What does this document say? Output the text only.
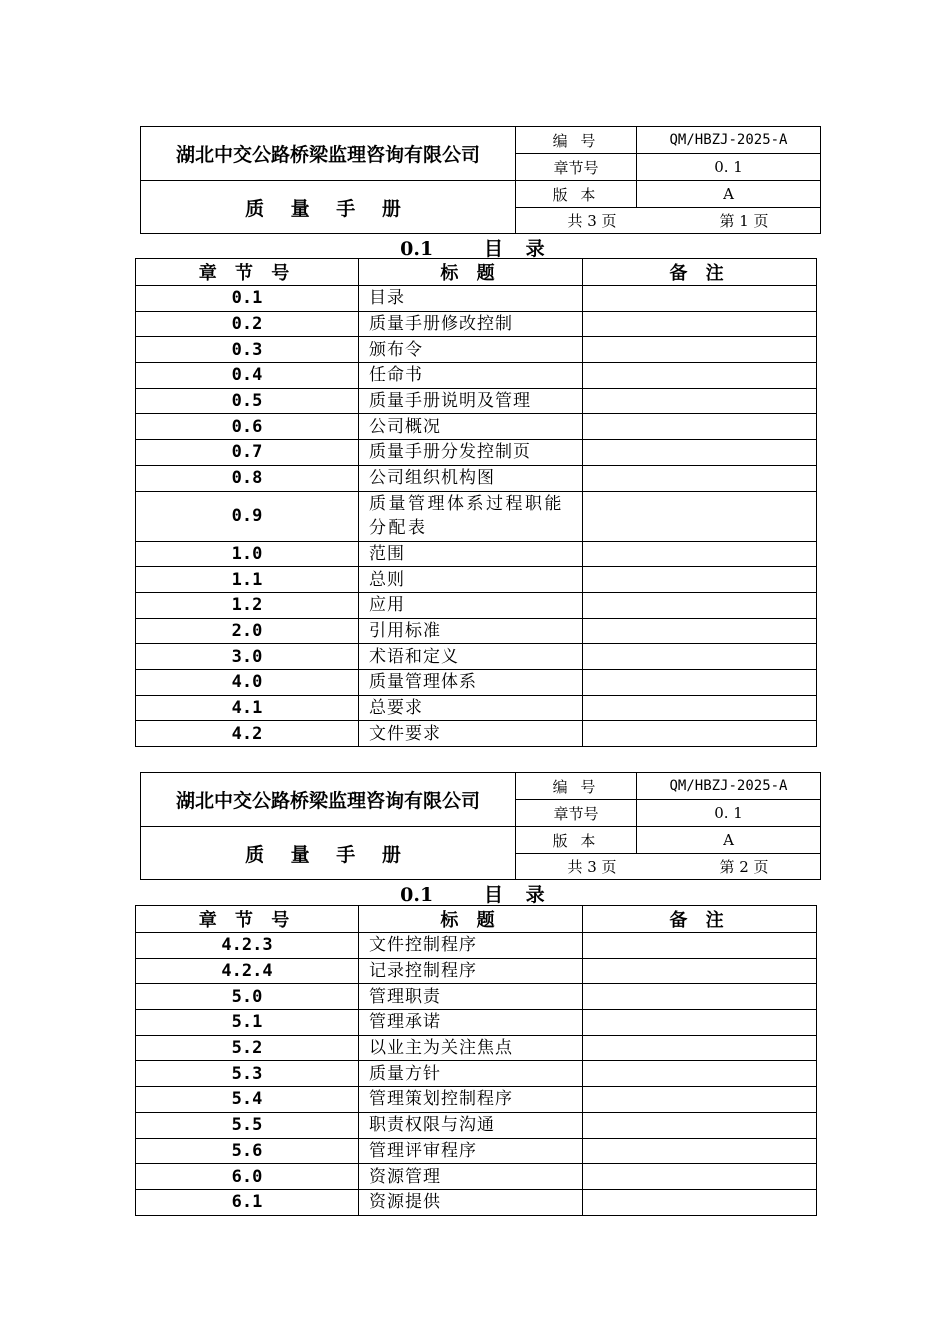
湖北中交公路桥梁监理咨询有限公司	编 号	QM/HBZJ-2025-A
	章节号	0. 1
质 量 手 册	版 本	A

	共 3 页 第 1 页	
0.1	目 录
章 节 号	标 题	备 注
0.1	目录	
0.2	质量手册修改控制	
0.3	颁布令	
0.4	任命书	
0.5	质量手册说明及管理	
0.6	公司概况	
0.7	质量手册分发控制页	
0.8	公司组织机构图	
0.9	质量管理体系过程职能分配表	
1.0	范围	
1.1	总则	
1.2	应用	
2.0	引用标准	
3.0	术语和定义	
4.0	质量管理体系	
4.1	总要求	
4.2	文件要求	
湖北中交公路桥梁监理咨询有限公司	编 号	QM/HBZJ-2025-A
	章节号	0. 1
质 量 手 册	版 本	A

	共 3 页 第 2 页	
0.1	目 录
章 节 号	标 题	备 注
4.2.3	文件控制程序	
4.2.4	记录控制程序	
5.0	管理职责	
5.1	管理承诺	
5.2	以业主为关注焦点	
5.3	质量方针	
5.4	管理策划控制程序	
5.5	职责权限与沟通	
5.6	管理评审程序	
6.0	资源管理	
6.1	资源提供	
